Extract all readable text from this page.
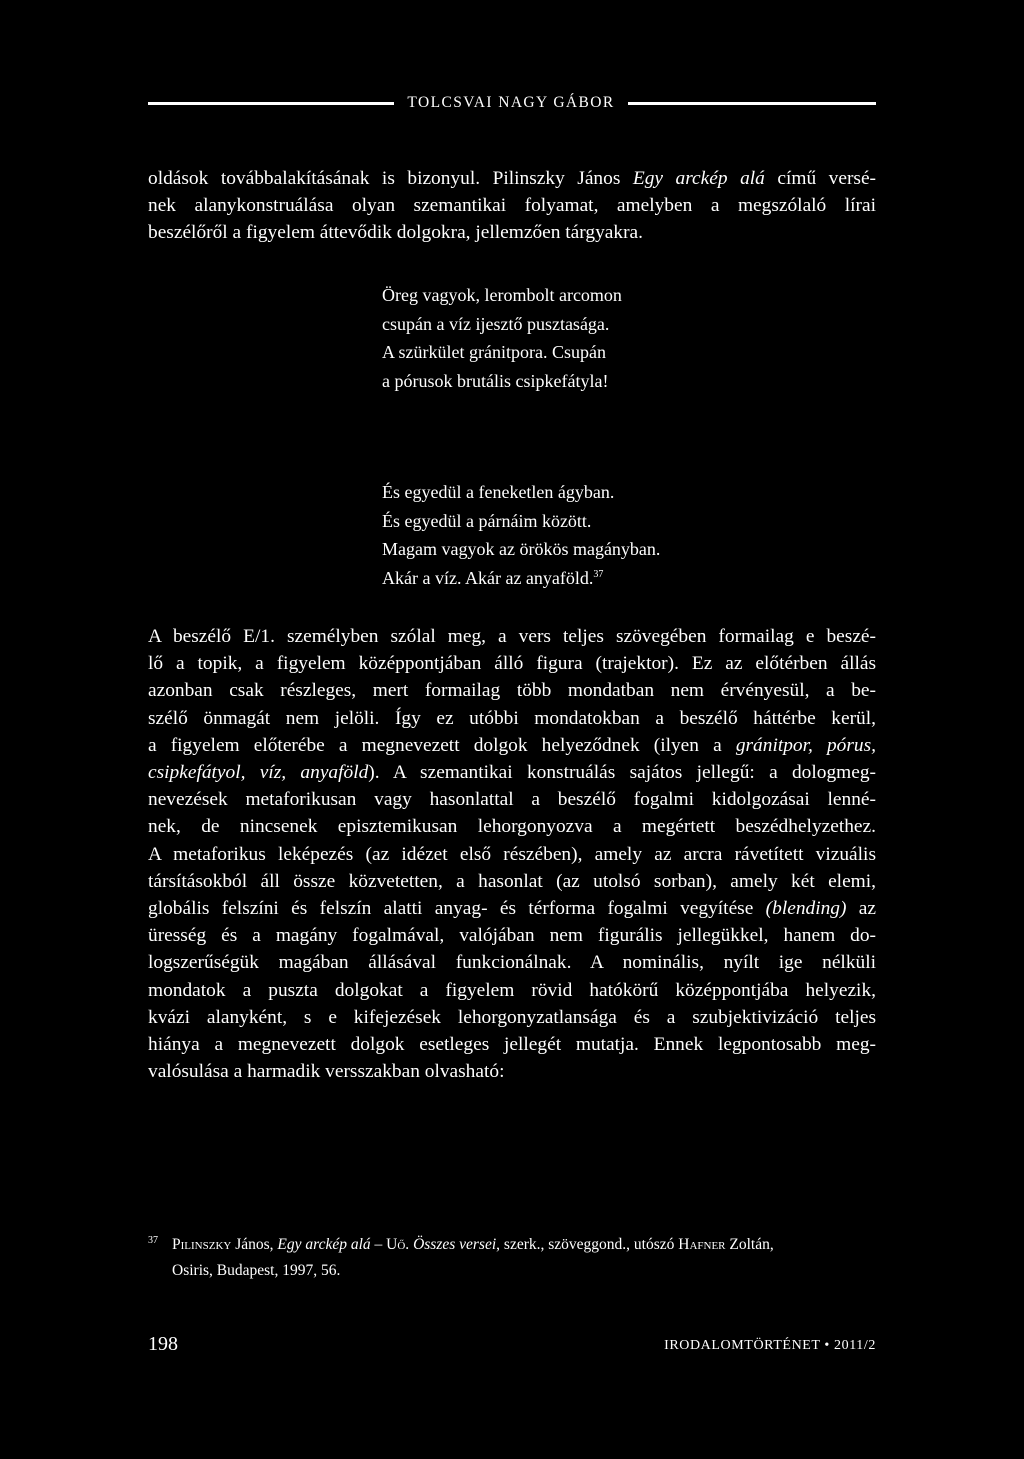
TOLCSVAI NAGY GÁBOR

oldások továbbalakításának is bizonyul. Pilinszky János Egy arckép alá című versé-
nek alanykonstruálása olyan szemantikai folyamat, amelyben a megszólaló lírai
beszélőről a figyelem áttevődik dolgokra, jellemzően tárgyakra.

Öreg vagyok, lerombolt arcomon
csupán a víz ijesztő pusztasága.
A szürkület gránitpora. Csupán
a pórusok brutális csipkefátyla!
És egyedül a feneketlen ágyban.
És egyedül a párnáim között.
Magam vagyok az örökös magányban.
Akár a víz. Akár az anyaföld.$^{37}$

A beszélő E/1. személyben szólal meg, a vers teljes szövegében formailag e beszé-
lő a topik, a figyelem középpontjában álló figura (trajektor). Ez az előtérben állás
azonban csak részleges, mert formailag több mondatban nem érvényesül, a be-
szélő önmagát nem jelöli. Így ez utóbbi mondatokban a beszélő háttérbe kerül,
a figyelem előterébe a megnevezett dolgok helyeződnek (ilyen a gránitpor, pórus,
csipkefátyol, víz, anyaföld). A szemantikai konstruálás sajátos jellegű: a dologmeg-
nevezések metaforikusan vagy hasonlattal a beszélő fogalmi kidolgozásai lenné-
nek, de nincsenek episztemikusan lehorgonyozva a megértett beszédhelyzethez.
A metaforikus leképezés (az idézet első részében), amely az arcra rávetített vizuális
társításokból áll össze közvetetten, a hasonlat (az utolsó sorban), amely két elemi,
globális felszíni és felszín alatti anyag- és térforma fogalmi vegyítése (blending) az
üresség és a magány fogalmával, valójában nem figurális jellegükkel, hanem do-
logszerűségük magában állásával funkcionálnak. A nominális, nyílt ige nélküli
mondatok a puszta dolgokat a figyelem rövid hatókörű középpontjába helyezik,
kvázi alanyként, s e kifejezések lehorgonyzatlansága és a szubjektivizáció teljes
hiánya a megnevezett dolgok esetleges jellegét mutatja. Ennek legpontosabb meg-
valósulása a harmadik versszakban olvasható:

37 Pilinszky János, Egy arckép alá – Uő. Összes versei, szerk., szöveggond., utószó Hafner Zoltán,
Osiris, Budapest, 1997, 56.
198	IRODALOMTÖRTÉNET • 2011/2
